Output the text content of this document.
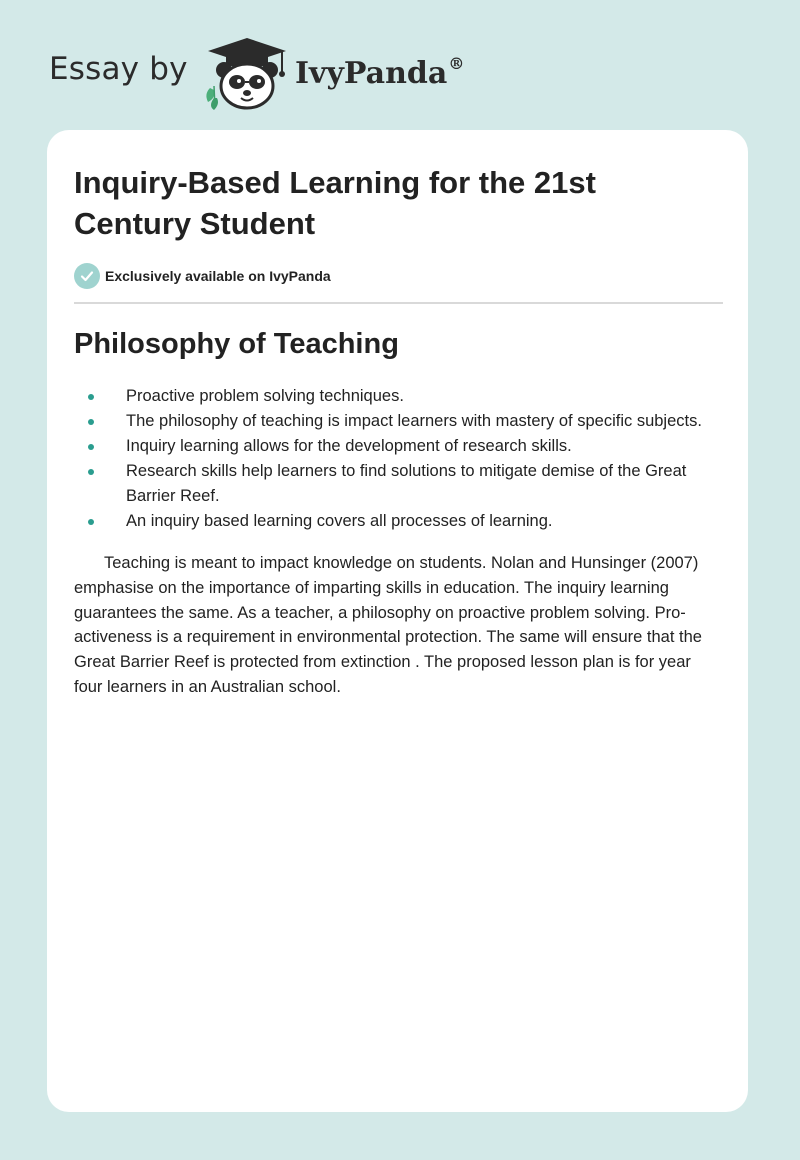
Essay by	IvyPanda®
Inquiry-Based Learning for the 21st Century Student
Exclusively available on IvyPanda
Philosophy of Teaching
Proactive problem solving techniques.
The philosophy of teaching is impact learners with mastery of specific subjects.
Inquiry learning allows for the development of research skills.
Research skills help learners to find solutions to mitigate demise of the Great Barrier Reef.
An inquiry based learning covers all processes of learning.

Teaching is meant to impact knowledge on students. Nolan and Hunsinger (2007) emphasise on the importance of imparting skills in education. The inquiry learning guarantees the same. As a teacher, a philosophy on proactive problem solving. Pro-activeness is a requirement in environmental protection. The same will ensure that the Great Barrier Reef is protected from extinction . The proposed lesson plan is for year four learners in an Australian school.
